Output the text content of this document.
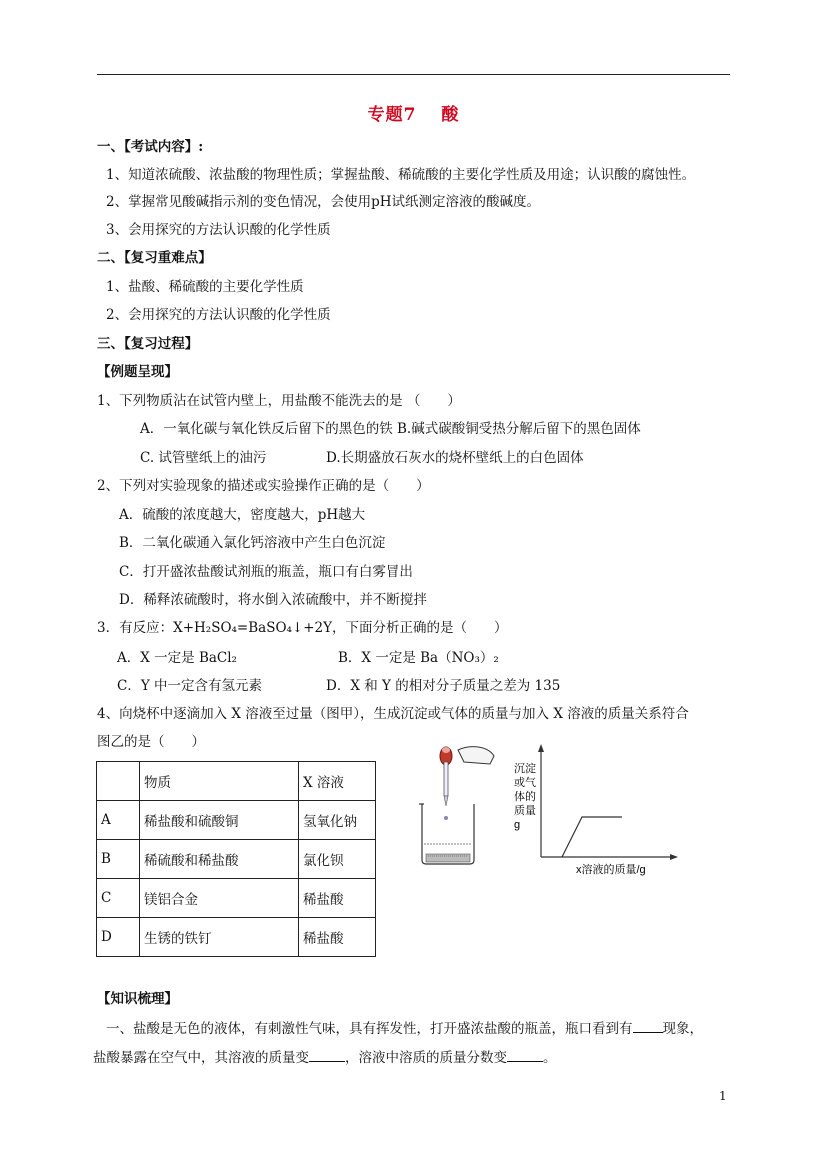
专题7　 酸
一、【考试内容】:
1、知道浓硫酸、浓盐酸的物理性质；掌握盐酸、稀硫酸的主要化学性质及用途；认识酸的腐蚀性。
2、掌握常见酸碱指示剂的变色情况，会使用pH试纸测定溶液的酸碱度。
3、会用探究的方法认识酸的化学性质
二、【复习重难点】
1、盐酸、稀硫酸的主要化学性质
2、会用探究的方法认识酸的化学性质
三、【复习过程】
【例题呈现】
1、下列物质沾在试管内壁上，用盐酸不能洗去的是 （　　）
A．一氧化碳与氧化铁反后留下的黑色的铁 B.碱式碳酸铜受热分解后留下的黑色固体
C. 试管壁纸上的油污	D.长期盛放石灰水的烧杯壁纸上的白色固体
2、下列对实验现象的描述或实验操作正确的是（　　）
A．硫酸的浓度越大，密度越大，pH越大
B．二氧化碳通入氯化钙溶液中产生白色沉淀
C．打开盛浓盐酸试剂瓶的瓶盖，瓶口有白雾冒出
D．稀释浓硫酸时，将水倒入浓硫酸中，并不断搅拌
3．有反应：X+H₂SO₄=BaSO₄↓+2Y，下面分析正确的是（　　）
A．X 一定是 BaCl₂	B．X 一定是 Ba（NO₃）₂
C．Y 中一定含有氢元素	D．X 和 Y 的相对分子质量之差为 135
4、向烧杯中逐滴加入 X 溶液至过量（图甲），生成沉淀或气体的质量与加入 X 溶液的质量关系符合
图乙的是（　　）
	物质	X 溶液
A	稀盐酸和硫酸铜	氢氧化钠
B	稀硫酸和稀盐酸	氯化钡
C	镁铝合金	稀盐酸
D	生锈的铁钉	稀盐酸
沉淀
或气
体的
质量
g
x溶液的质量/g
【知识梳理】
一、盐酸是无色的液体，有刺激性气味，具有挥发性，打开盛浓盐酸的瓶盖，瓶口看到有 现象，
盐酸暴露在空气中，其溶液的质量变	，溶液中溶质的质量分数变	。
1
